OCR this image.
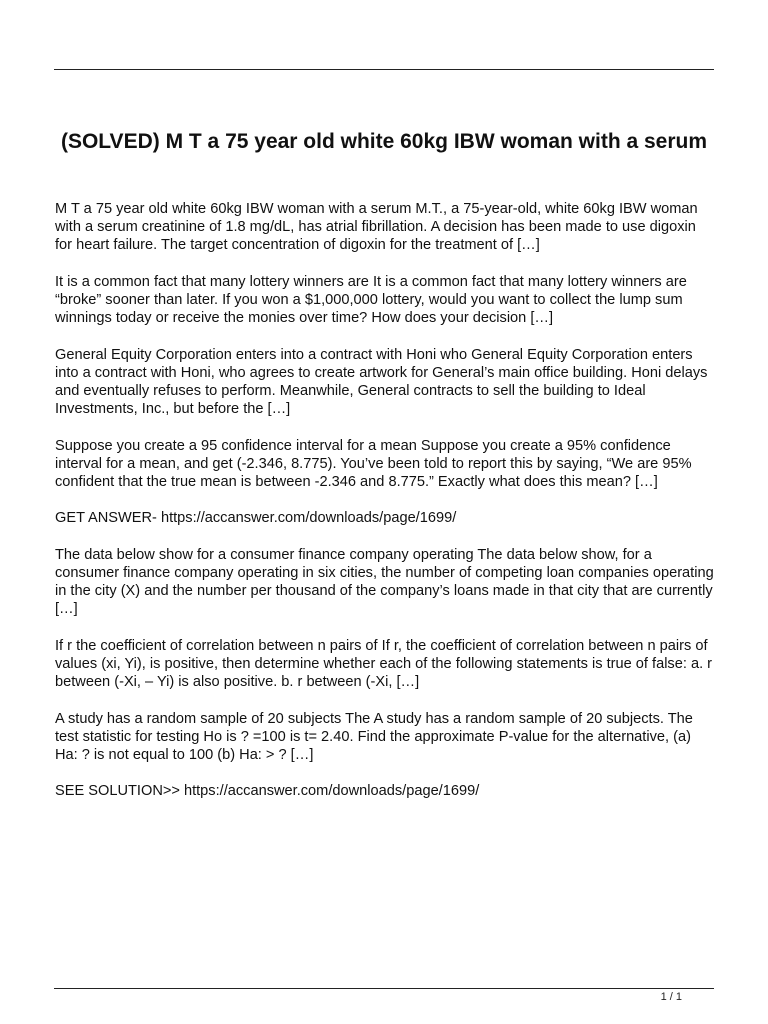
(SOLVED) M T a 75 year old white 60kg IBW woman with a serum

M T a 75 year old white 60kg IBW woman with a serum M.T., a 75-year-old, white 60kg IBW woman with a serum creatinine of 1.8 mg/dL, has atrial fibrillation. A decision has been made to use digoxin for heart failure. The target concentration of digoxin for the treatment of […]

It is a common fact that many lottery winners are It is a common fact that many lottery winners are “broke” sooner than later. If you won a $1,000,000 lottery, would you want to collect the lump sum winnings today or receive the monies over time? How does your decision […]

General Equity Corporation enters into a contract with Honi who General Equity Corporation enters into a contract with Honi, who agrees to create artwork for General’s main office building. Honi delays and eventually refuses to perform. Meanwhile, General contracts to sell the building to Ideal Investments, Inc., but before the […]

Suppose you create a 95 confidence interval for a mean Suppose you create a 95% confidence interval for a mean, and get (-2.346, 8.775). You’ve been told to report this by saying, “We are 95% confident that the true mean is between -2.346 and 8.775.” Exactly what does this mean? […]

GET ANSWER- https://accanswer.com/downloads/page/1699/

The data below show for a consumer finance company operating The data below show, for a consumer finance company operating in six cities, the number of competing loan companies operating in the city (X) and the number per thousand of the company’s loans made in that city that are currently […]

If r the coefficient of correlation between n pairs of If r, the coefficient of correlation between n pairs of values (xi, Yi), is positive, then determine whether each of the following statements is true of false: a. r between (-Xi, – Yi) is also positive. b. r between (-Xi, […]

A study has a random sample of 20 subjects The A study has a random sample of 20 subjects. The test statistic for testing Ho is ? =100 is t= 2.40. Find the approximate P-value for the alternative, (a) Ha: ? is not equal to 100 (b) Ha: > ? […]

SEE SOLUTION>> https://accanswer.com/downloads/page/1699/

1 / 1
